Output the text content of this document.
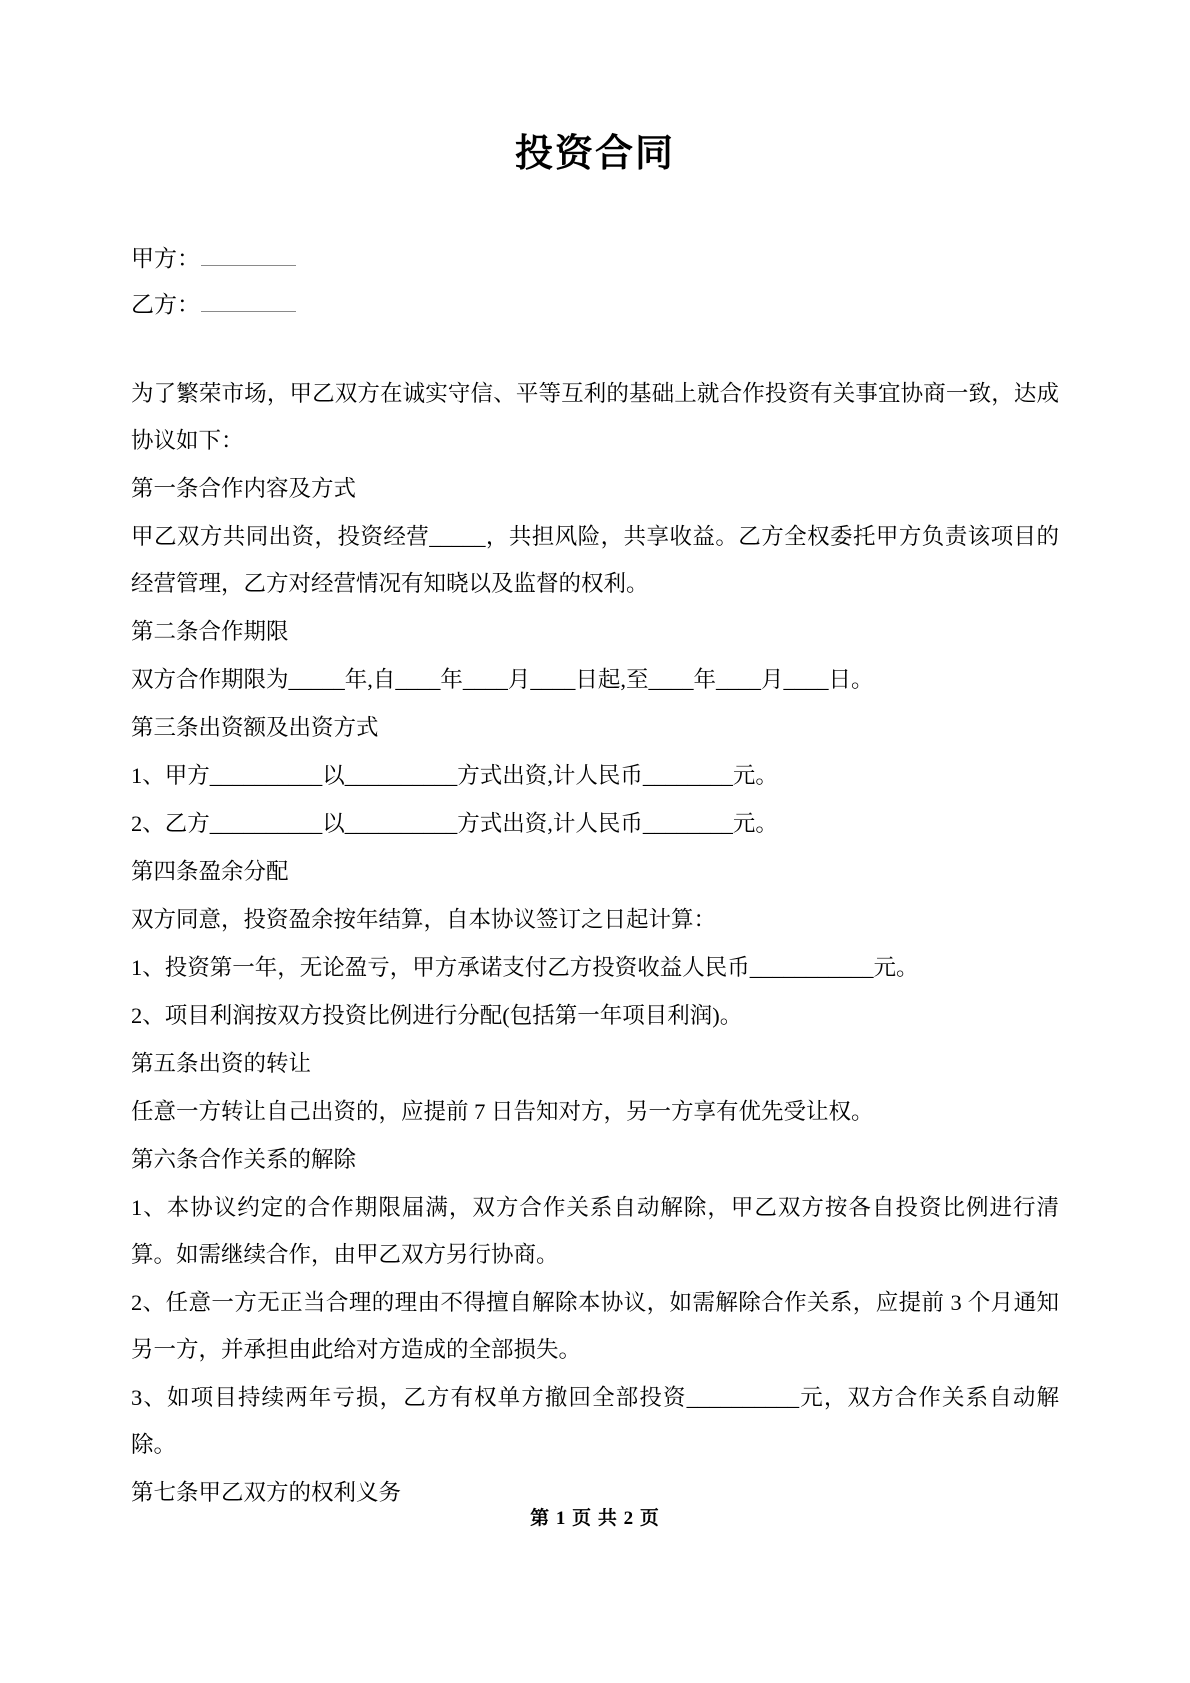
投资合同
甲方：
乙方：

为了繁荣市场，甲乙双方在诚实守信、平等互利的基础上就合作投资有关事宜协商一致，达成协议如下：

第一条合作内容及方式

甲乙双方共同出资，投资经营_____，共担风险，共享收益。乙方全权委托甲方负责该项目的经营管理，乙方对经营情况有知晓以及监督的权利。

第二条合作期限

双方合作期限为_____年,自____年____月____日起,至____年____月____日。

第三条出资额及出资方式

1、甲方__________以__________方式出资,计人民币________元。

2、乙方__________以__________方式出资,计人民币________元。

第四条盈余分配

双方同意，投资盈余按年结算，自本协议签订之日起计算：

1、投资第一年，无论盈亏，甲方承诺支付乙方投资收益人民币___________元。

2、项目利润按双方投资比例进行分配(包括第一年项目利润)。

第五条出资的转让

任意一方转让自己出资的，应提前 7 日告知对方，另一方享有优先受让权。

第六条合作关系的解除

1、本协议约定的合作期限届满，双方合作关系自动解除，甲乙双方按各自投资比例进行清算。如需继续合作，由甲乙双方另行协商。

2、任意一方无正当合理的理由不得擅自解除本协议，如需解除合作关系，应提前 3 个月通知另一方，并承担由此给对方造成的全部损失。

3、如项目持续两年亏损，乙方有权单方撤回全部投资__________元，双方合作关系自动解除。

第七条甲乙双方的权利义务

第 1 页 共 2 页
